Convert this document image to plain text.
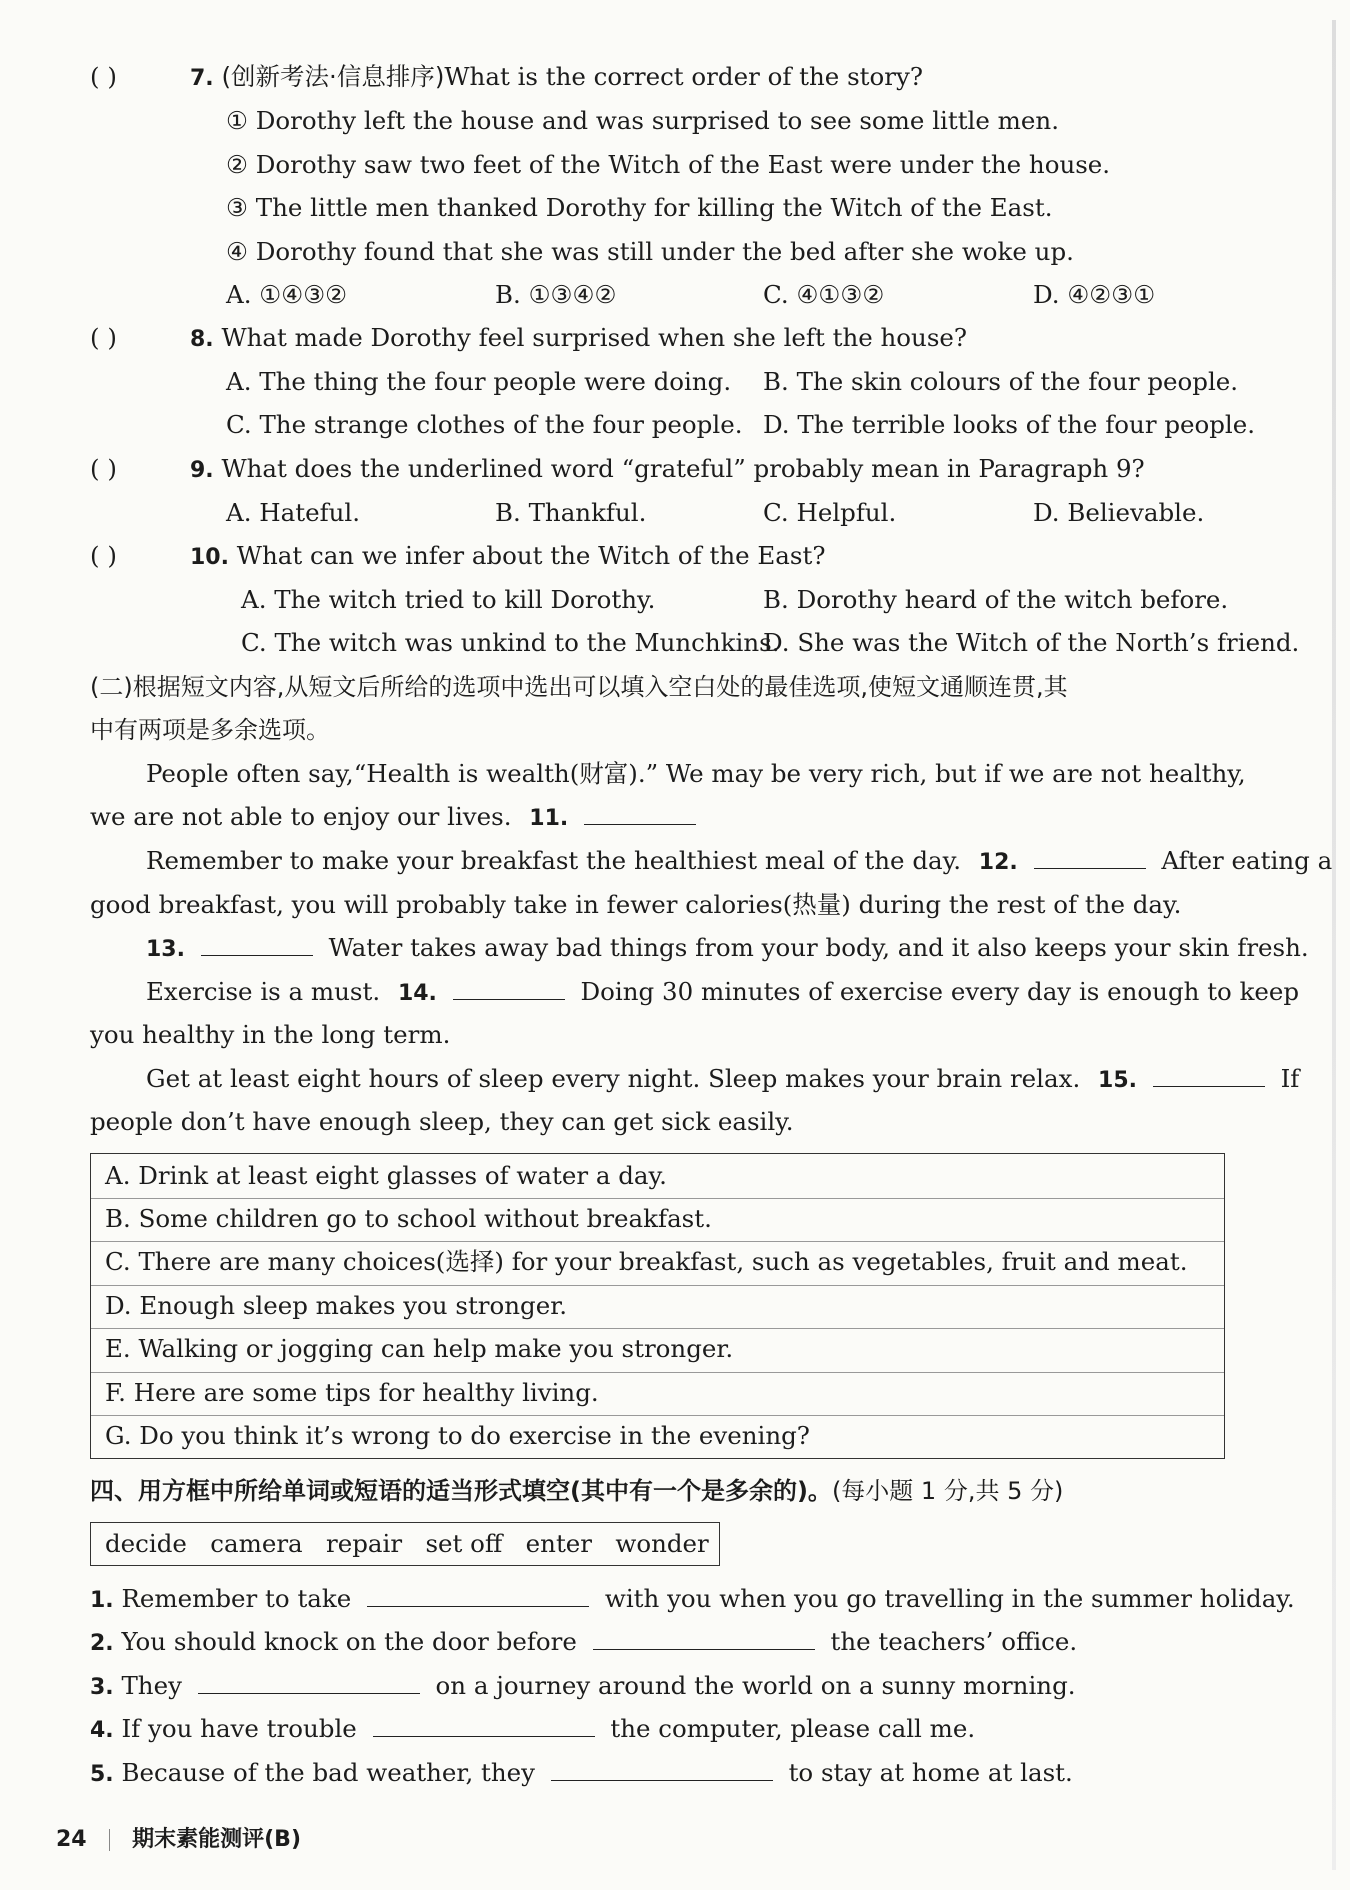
( )	7. (创新考法·信息排序)What is the correct order of the story?
① Dorothy left the house and was surprised to see some little men.
② Dorothy saw two feet of the Witch of the East were under the house.
③ The little men thanked Dorothy for killing the Witch of the East.
④ Dorothy found that she was still under the bed after she woke up.
A. ①④③②	B. ①③④②	C. ④①③②	D. ④②③①
( )	8. What made Dorothy feel surprised when she left the house?
A. The thing the four people were doing. B. The skin colours of the four people.
C. The strange clothes of the four people. D. The terrible looks of the four people.
( )	9. What does the underlined word “grateful” probably mean in Paragraph 9?
A. Hateful.	B. Thankful.	C. Helpful.	D. Believable.
( )	10. What can we infer about the Witch of the East?
A. The witch tried to kill Dorothy.	B. Dorothy heard of the witch before.
C. The witch was unkind to the Munchkins.
D. She was the Witch of the North’s friend.
(二)根据短文内容,从短文后所给的选项中选出可以填入空白处的最佳选项,使短文通顺连贯,其
中有两项是多余选项。
People often say,“Health is wealth(财富).” We may be very rich, but if we are not healthy,
we are not able to enjoy our lives. 11.
Remember to make your breakfast the healthiest meal of the day. 12.	After eating a
good breakfast, you will probably take in fewer calories(热量) during the rest of the day.
13.	Water takes away bad things from your body, and it also keeps your skin fresh.
Exercise is a must. 14.	Doing 30 minutes of exercise every day is enough to keep
you healthy in the long term.
Get at least eight hours of sleep every night. Sleep makes your brain relax. 15.	If
people don’t have enough sleep, they can get sick easily.
A. Drink at least eight glasses of water a day.
B. Some children go to school without breakfast.
C. There are many choices(选择) for your breakfast, such as vegetables, fruit and meat.
D. Enough sleep makes you stronger.
E. Walking or jogging can help make you stronger.
F. Here are some tips for healthy living.
G. Do you think it’s wrong to do exercise in the evening?
四、用方框中所给单词或短语的适当形式填空(其中有一个是多余的)。(每小题 1 分,共 5 分)
decide   camera   repair   set off   enter   wonder
1. Remember to take	with you when you go travelling in the summer holiday.
2. You should knock on the door before	the teachers’ office.
3. They	on a journey around the world on a sunny morning.
4. If you have trouble	the computer, please call me.
5. Because of the bad weather, they	to stay at home at last.
24 期末素能测评(B)
